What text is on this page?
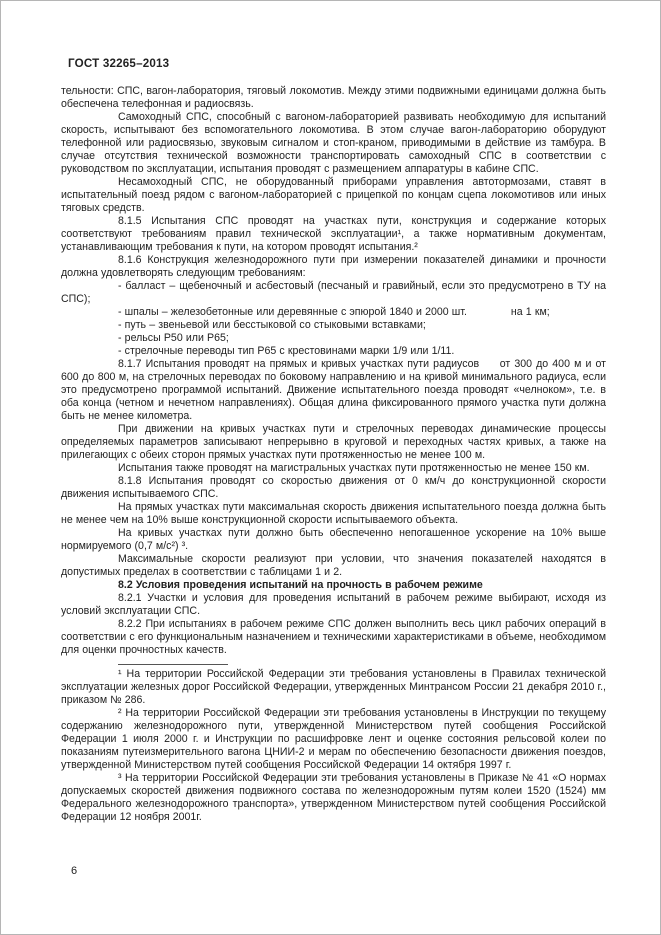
ГОСТ 32265–2013

тельности: СПС, вагон-лаборатория, тяговый локомотив. Между этими подвижными единицами должна быть обеспечена телефонная и радиосвязь.

Самоходный СПС, способный с вагоном-лабораторией развивать необходимую для испытаний скорость, испытывают без вспомогательного локомотива. В этом случае вагон-лабораторию оборудуют телефонной или радиосвязью, звуковым сигналом и стоп-краном, приводимыми в действие из тамбура. В случае отсутствия технической возможности транспортировать самоходный СПС в соответствии с руководством по эксплуатации, испытания проводят с размещением аппаратуры в кабине СПС.

Несамоходный СПС, не оборудованный приборами управления автотормозами, ставят в испытательный поезд рядом с вагоном-лабораторией с прицепкой по концам сцепа локомотивов или иных тяговых средств.

8.1.5 Испытания СПС проводят на участках пути, конструкция и содержание которых соответствуют требованиям правил технической эксплуатации¹, а также нормативным документам, устанавливающим требования к пути, на котором проводят испытания.²

8.1.6 Конструкция железнодорожного пути при измерении показателей динамики и прочности должна удовлетворять следующим требованиям:

- балласт – щебеночный и асбестовый (песчаный и гравийный, если это предусмотрено в ТУ на СПС);

- шпалы – железобетонные или деревянные с эпюрой 1840 и 2000 шт.              на 1 км;

- путь – звеньевой или бесстыковой со стыковыми вставками;

- рельсы Р50 или Р65;

- стрелочные переводы тип Р65 с крестовинами марки 1/9 или 1/11.

8.1.7 Испытания проводят на прямых и кривых участках пути радиусов     от 300 до 400 м и от 600 до 800 м, на стрелочных переводах по боковому направлению и на кривой минимального радиуса, если это предусмотрено программой испытаний. Движение испытательного поезда проводят «челноком», т.е. в оба конца (четном и нечетном направлениях). Общая длина фиксированного прямого участка пути должна быть не менее километра.

При движении на кривых участках пути и стрелочных переводах динамические процессы определяемых параметров записывают непрерывно в круговой и переходных частях кривых, а также на прилегающих с обеих сторон прямых участках пути протяженностью не менее 100 м.

Испытания также проводят на магистральных участках пути протяженностью не менее 150 км.

8.1.8 Испытания проводят со скоростью движения от 0 км/ч до конструкционной скорости движения испытываемого СПС.

На прямых участках пути максимальная скорость движения испытательного поезда должна быть не менее чем на 10% выше конструкционной скорости испытываемого объекта.

На кривых участках пути должно быть обеспеченно непогашенное ускорение на 10% выше нормируемого (0,7 м/с²) ³.

Максимальные скорости реализуют при условии, что значения показателей находятся в допустимых пределах в соответствии с таблицами 1 и 2.

8.2 Условия проведения испытаний на прочность в рабочем режиме

8.2.1 Участки и условия для проведения испытаний в рабочем режиме выбирают, исходя из условий эксплуатации СПС.

8.2.2 При испытаниях в рабочем режиме СПС должен выполнить весь цикл рабочих операций в соответствии с его функциональным назначением и техническими характеристиками в объеме, необходимом для оценки прочностных качеств.

¹ На территории Российской Федерации эти требования установлены в Правилах технической эксплуатации железных дорог Российской Федерации, утвержденных Минтрансом России 21 декабря 2010 г., приказом № 286.

² На территории Российской Федерации эти требования установлены в Инструкции по текущему содержанию железнодорожного пути, утвержденной Министерством путей сообщения Российской Федерации 1 июля 2000 г. и Инструкции по расшифровке лент и оценке состояния рельсовой колеи по показаниям путеизмерительного вагона ЦНИИ-2 и мерам по обеспечению безопасности движения поездов, утвержденной Министерством путей сообщения Российской Федерации 14 октября 1997 г.

³ На территории Российской Федерации эти требования установлены в Приказе № 41 «О нормах допускаемых скоростей движения подвижного состава по железнодорожным путям колеи 1520 (1524) мм Федерального железнодорожного транспорта», утвержденном Министерством путей сообщения Российской Федерации 12 ноября 2001г.

6
